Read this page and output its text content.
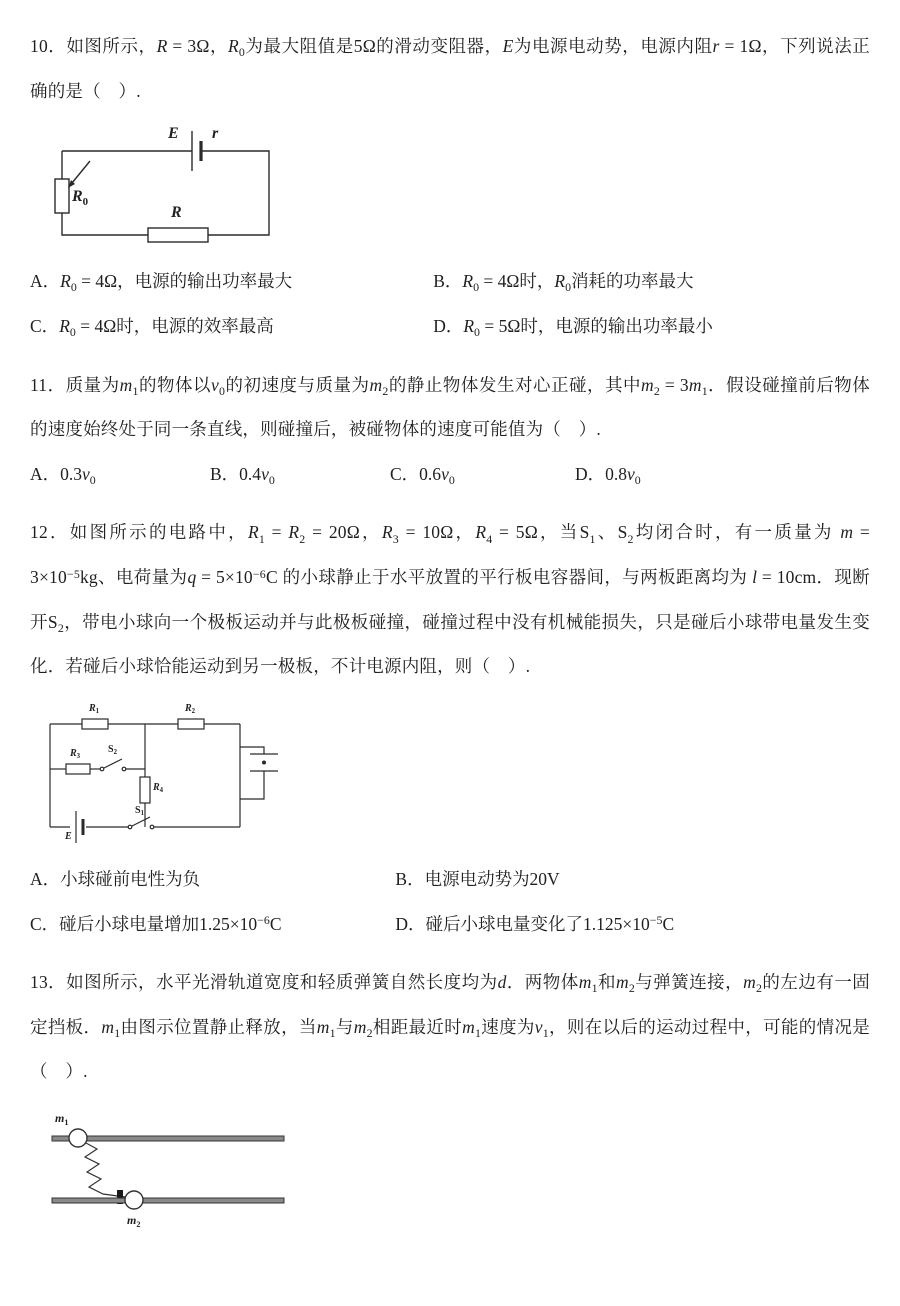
10．如图所示，R = 3Ω，$R_0$为最大阻值是5Ω的滑动变阻器，E为电源电动势，电源内阻r = 1Ω，下列说法正确的是（　）.

E r
$R_0$
R

A．$R_0 = 4\Omega$，电源的输出功率最大	B．$R_0 = 4\Omega$时，$R_0$消耗的功率最大

C．$R_0 = 4\Omega$时，电源的效率最高	D．$R_0 = 5\Omega$时，电源的输出功率最小

11．质量为$m_1$的物体以$v_0$的初速度与质量为$m_2$的静止物体发生对心正碰，其中$m_2 = 3m_1$．假设碰撞前后物体的速度始终处于同一条直线，则碰撞后，被碰物体的速度可能值为（　）.

A．$0.3v_0$	B．$0.4v_0$	C．$0.6v_0$	D．$0.8v_0$

12．如图所示的电路中，$R_1 = R_2 = 20\Omega$，$R_3 = 10\Omega$，$R_4 = 5\Omega$，当$S_1$、$S_2$均闭合时，有一质量为 $m = 3\times 10^{-5}kg$、电荷量为$q = 5\times 10^{-6}C$ 的小球静止于水平放置的平行板电容器间，与两板距离均为 l = 10cm．现断开$S_2$，带电小球向一个极板运动并与此极板碰撞，碰撞过程中没有机械能损失，只是碰后小球带电量发生变化．若碰后小球恰能运动到另一极板，不计电源内阻，则（　）.

$R_1$	$R_2$
$R_3$
$S_2$
$R_4$
$S_1$
E

A．小球碰前电性为负	B．电源电动势为20V

C．碰后小球电量增加$1.25\times 10^{-6}C$	D．碰后小球电量变化了$1.125\times 10^{-5}C$

13．如图所示，水平光滑轨道宽度和轻质弹簧自然长度均为d．两物体$m_1$和$m_2$与弹簧连接，$m_2$的左边有一固定挡板．$m_1$由图示位置静止释放，当$m_1$与$m_2$相距最近时$m_1$速度为$v_1$，则在以后的运动过程中，可能的情况是（　）.

$m_1$
$m_2$
